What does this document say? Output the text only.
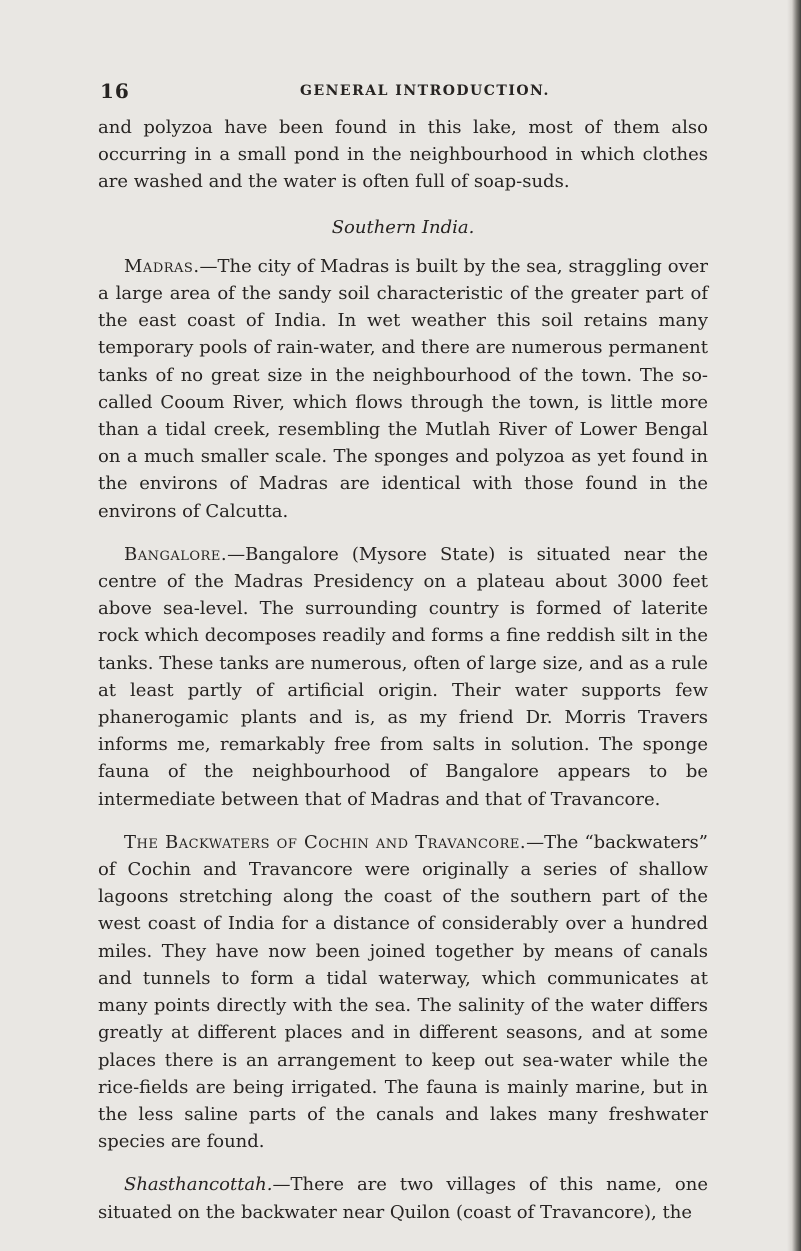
16	GENERAL INTRODUCTION.

and polyzoa have been found in this lake, most of them also occurring in a small pond in the neighbourhood in which clothes are washed and the water is often full of soap-suds.

Southern India.

Madras.—The city of Madras is built by the sea, straggling over a large area of the sandy soil characteristic of the greater part of the east coast of India. In wet weather this soil retains many temporary pools of rain-water, and there are numerous permanent tanks of no great size in the neighbourhood of the town. The so-called Cooum River, which flows through the town, is little more than a tidal creek, resembling the Mutlah River of Lower Bengal on a much smaller scale. The sponges and polyzoa as yet found in the environs of Madras are identical with those found in the environs of Calcutta.

Bangalore.—Bangalore (Mysore State) is situated near the centre of the Madras Presidency on a plateau about 3000 feet above sea-level. The surrounding country is formed of laterite rock which decomposes readily and forms a fine reddish silt in the tanks. These tanks are numerous, often of large size, and as a rule at least partly of artificial origin. Their water supports few phanerogamic plants and is, as my friend Dr. Morris Travers informs me, remarkably free from salts in solution. The sponge fauna of the neighbourhood of Bangalore appears to be intermediate between that of Madras and that of Travancore.

The Backwaters of Cochin and Travancore.—The “backwaters” of Cochin and Travancore were originally a series of shallow lagoons stretching along the coast of the southern part of the west coast of India for a distance of considerably over a hundred miles. They have now been joined together by means of canals and tunnels to form a tidal waterway, which communicates at many points directly with the sea. The salinity of the water differs greatly at different places and in different seasons, and at some places there is an arrangement to keep out sea-water while the rice-fields are being irrigated. The fauna is mainly marine, but in the less saline parts of the canals and lakes many freshwater species are found.

Shasthancottah.—There are two villages of this name, one situated on the backwater near Quilon (coast of Travancore), the
